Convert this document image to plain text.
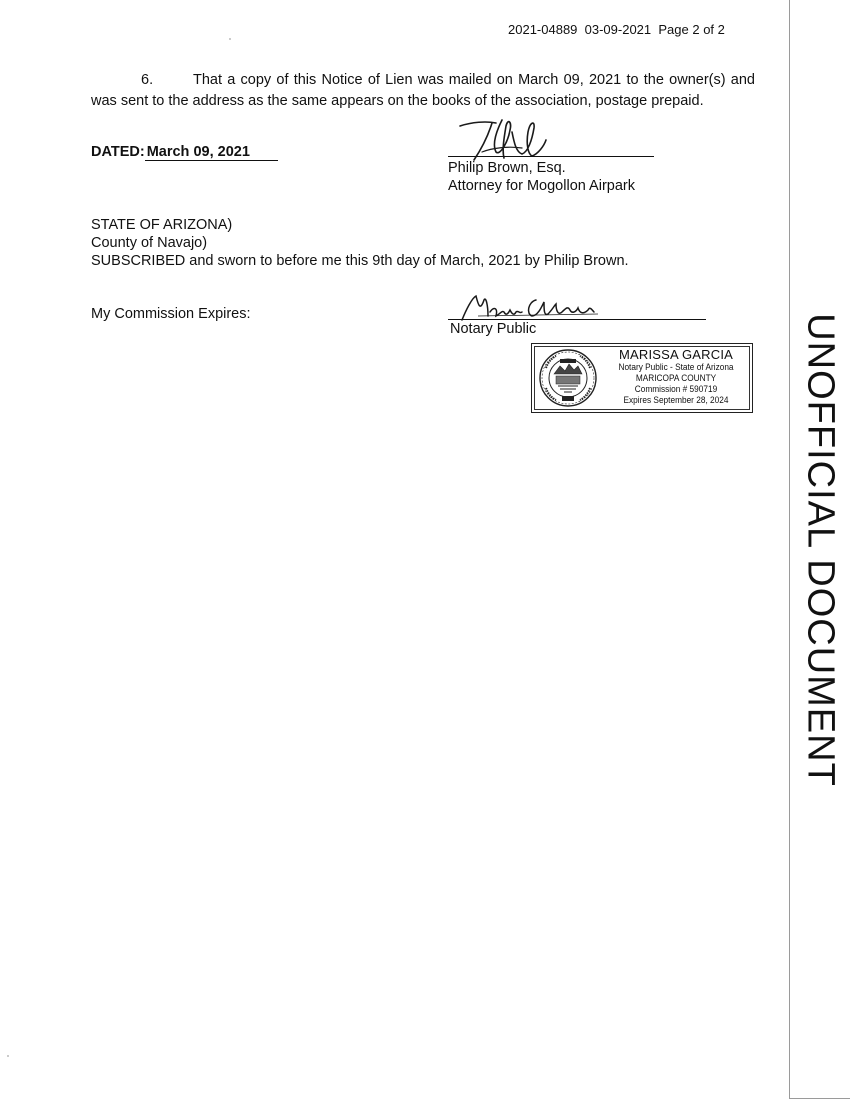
2021-04889 03-09-2021 Page 2 of 2
6.	That a copy of this Notice of Lien was mailed on March 09, 2021 to the owner(s) and was sent to the address as the same appears on the books of the association, postage prepaid.
DATED: March 09, 2021
Philip Brown, Esq.
Attorney for Mogollon Airpark
STATE OF ARIZONA)
County of Navajo)
SUBSCRIBED and sworn to before me this 9th day of March, 2021 by Philip Brown.
My Commission Expires:
Notary Public
MARISSA GARCIA
Notary Public - State of Arizona
MARICOPA COUNTY
Commission # 590719
Expires September 28, 2024	UNOFFICIAL DOCUMENT
